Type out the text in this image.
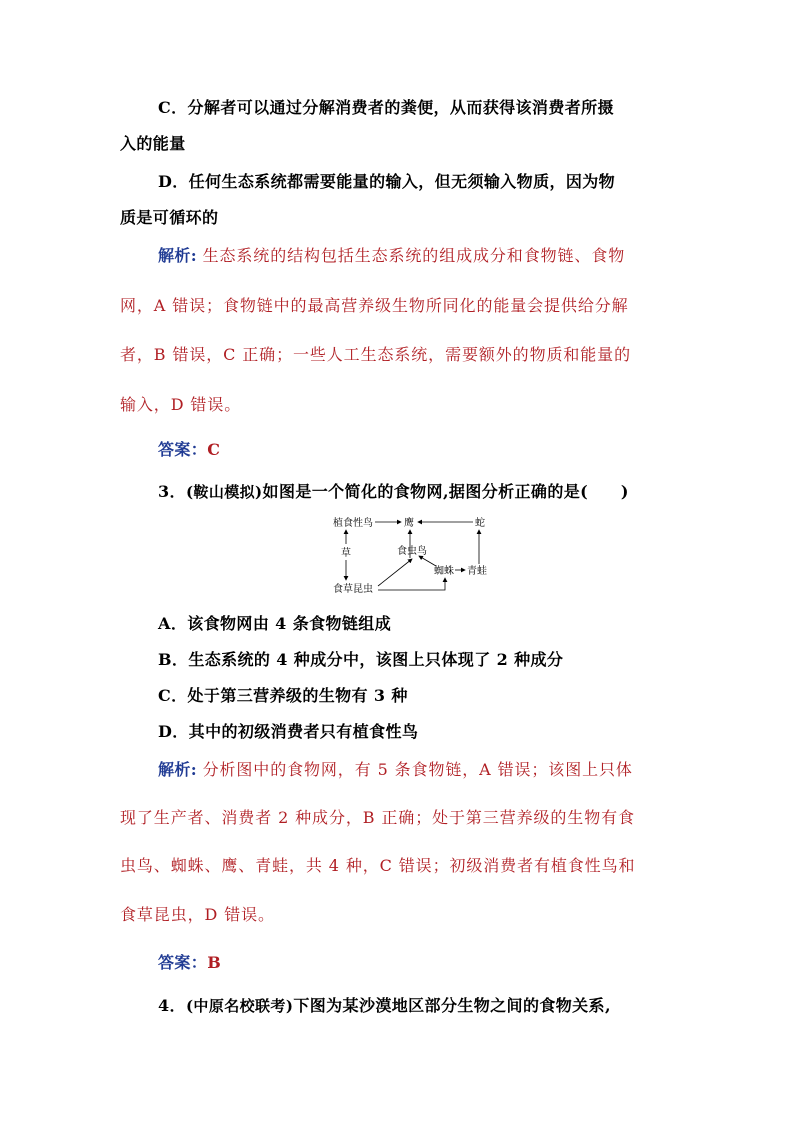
C．分解者可以通过分解消费者的粪便，从而获得该消费者所摄
入的能量
D．任何生态系统都需要能量的输入，但无须输入物质，因为物
质是可循环的
解析: 生态系统的结构包括生态系统的组成成分和食物链、食物
网，A 错误；食物链中的最高营养级生物所同化的能量会提供给分解
者，B 错误，C 正确；一些人工生态系统，需要额外的物质和能量的
输入，D 错误。
答案：C
3．(鞍山模拟)如图是一个简化的食物网,据图分析正确的是(　　)
植食性鸟	鹰	蛇
草	食虫鸟
蜘蛛 青蛙
食草昆虫
A．该食物网由 4 条食物链组成
B．生态系统的 4 种成分中，该图上只体现了 2 种成分
C．处于第三营养级的生物有 3 种
D．其中的初级消费者只有植食性鸟
解析: 分析图中的食物网，有 5 条食物链，A 错误；该图上只体
现了生产者、消费者 2 种成分，B 正确；处于第三营养级的生物有食
虫鸟、蜘蛛、鹰、青蛙，共 4 种，C 错误；初级消费者有植食性鸟和
食草昆虫，D 错误。
答案：B
4．(中原名校联考)下图为某沙漠地区部分生物之间的食物关系,
